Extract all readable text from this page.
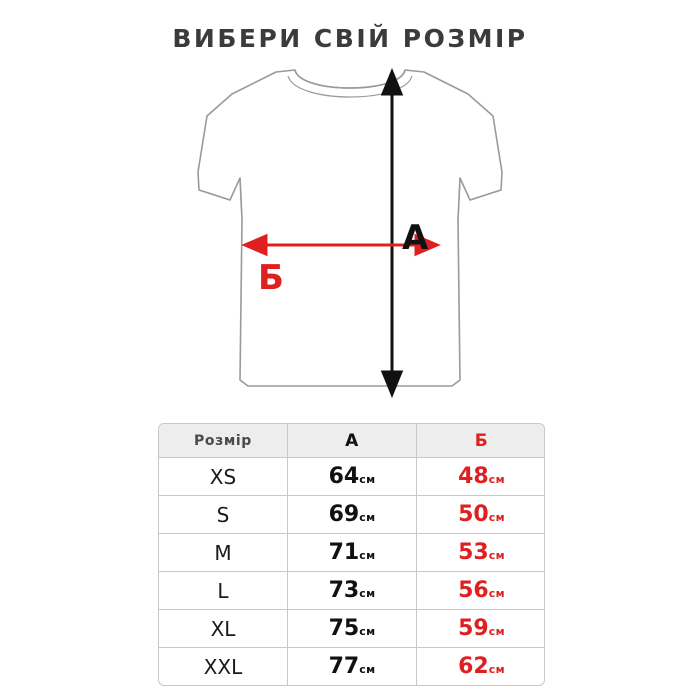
ВИБЕРИ СВІЙ РОЗМІР
А
Б
Розмір	А	Б
XS	64см	48см
S	69см	50см
M	71см	53см
L	73см	56см
XL	75см	59см
XXL	77см	62см
